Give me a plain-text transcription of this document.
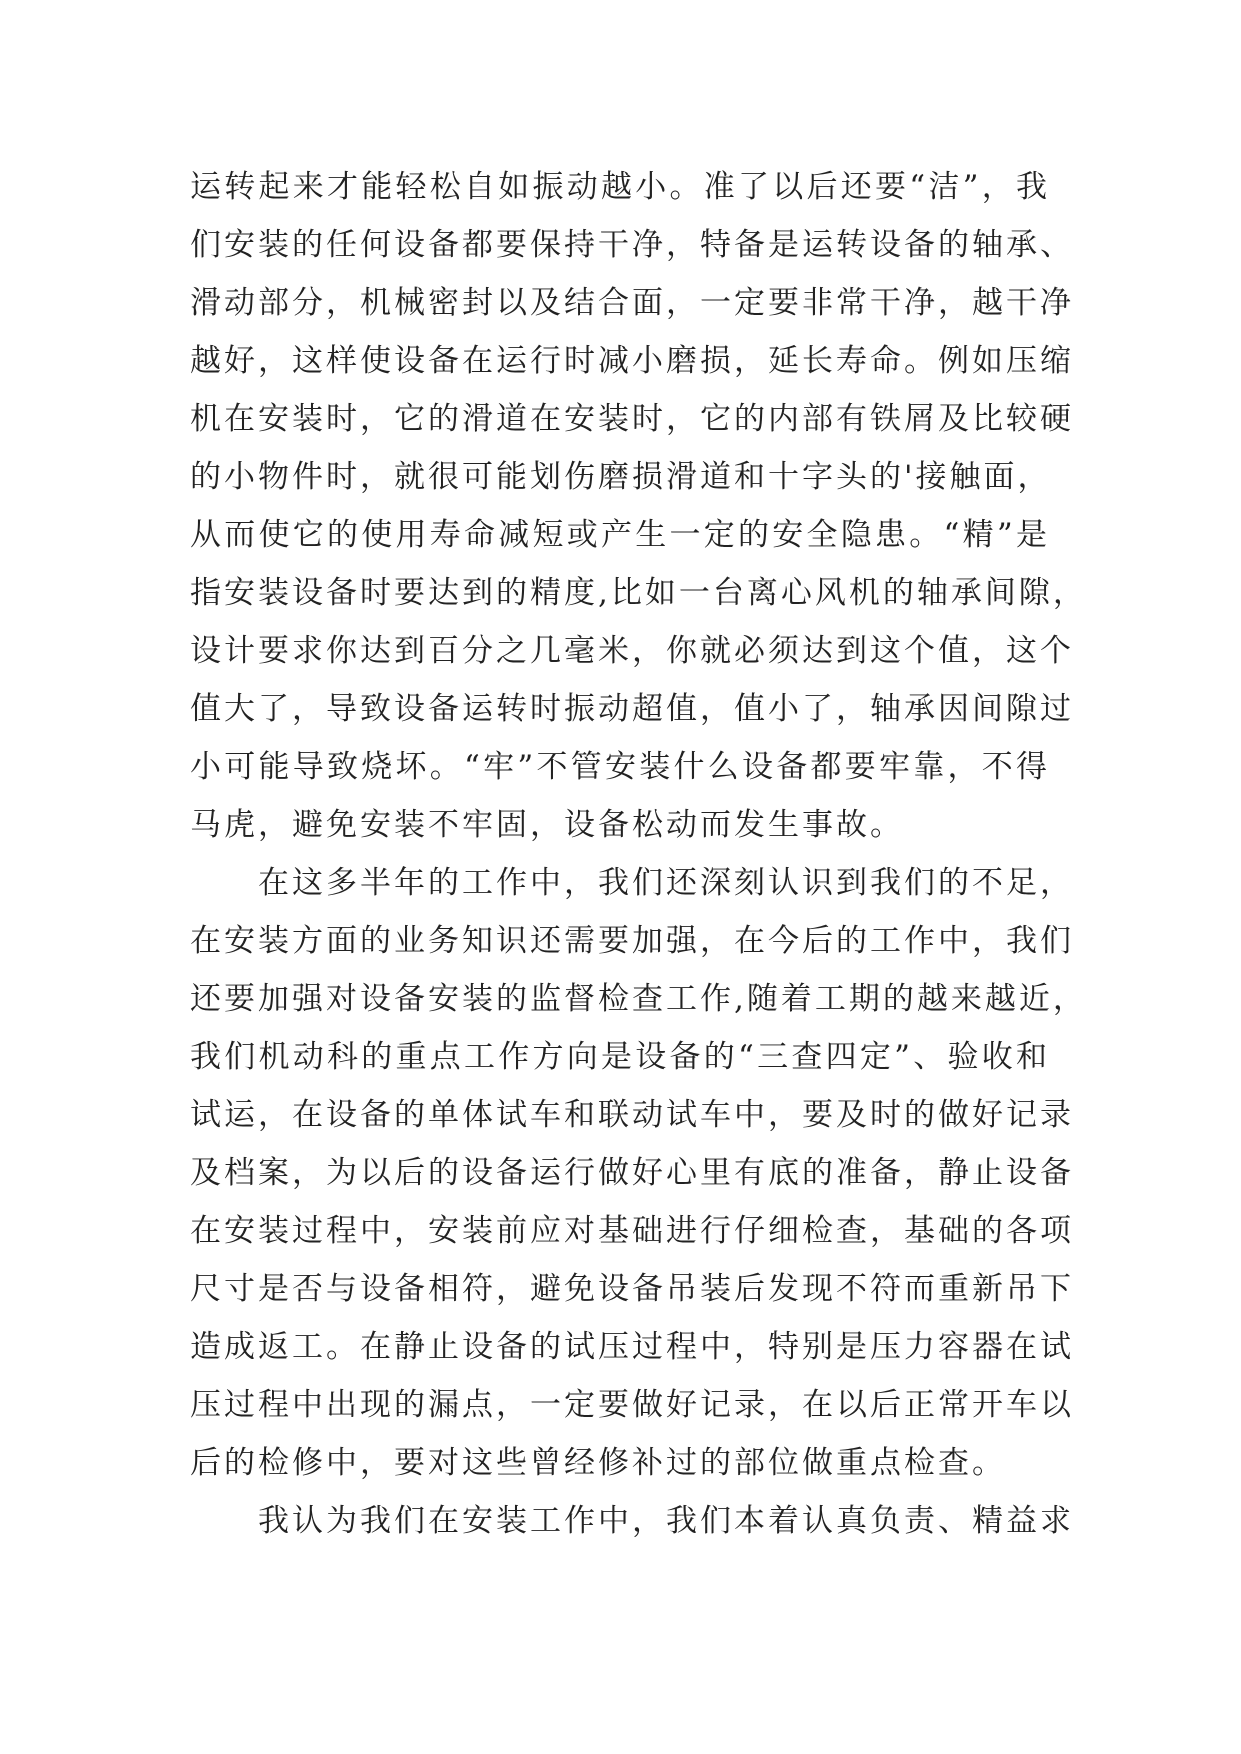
运转起来才能轻松自如振动越小。准了以后还要“洁”，我
们安装的任何设备都要保持干净，特备是运转设备的轴承、
滑动部分，机械密封以及结合面，一定要非常干净，越干净
越好，这样使设备在运行时减小磨损，延长寿命。例如压缩
机在安装时，它的滑道在安装时，它的内部有铁屑及比较硬
的小物件时，就很可能划伤磨损滑道和十字头的'接触面，
从而使它的使用寿命减短或产生一定的安全隐患。“精”是
指安装设备时要达到的精度,比如一台离心风机的轴承间隙，
设计要求你达到百分之几毫米，你就必须达到这个值，这个
值大了，导致设备运转时振动超值，值小了，轴承因间隙过
小可能导致烧坏。“牢”不管安装什么设备都要牢靠，不得
马虎，避免安装不牢固，设备松动而发生事故。
　　在这多半年的工作中，我们还深刻认识到我们的不足，
在安装方面的业务知识还需要加强，在今后的工作中，我们
还要加强对设备安装的监督检查工作,随着工期的越来越近，
我们机动科的重点工作方向是设备的“三查四定”、验收和
试运，在设备的单体试车和联动试车中，要及时的做好记录
及档案，为以后的设备运行做好心里有底的准备，静止设备
在安装过程中，安装前应对基础进行仔细检查，基础的各项
尺寸是否与设备相符，避免设备吊装后发现不符而重新吊下
造成返工。在静止设备的试压过程中，特别是压力容器在试
压过程中出现的漏点，一定要做好记录，在以后正常开车以
后的检修中，要对这些曾经修补过的部位做重点检查。
　　我认为我们在安装工作中，我们本着认真负责、精益求
